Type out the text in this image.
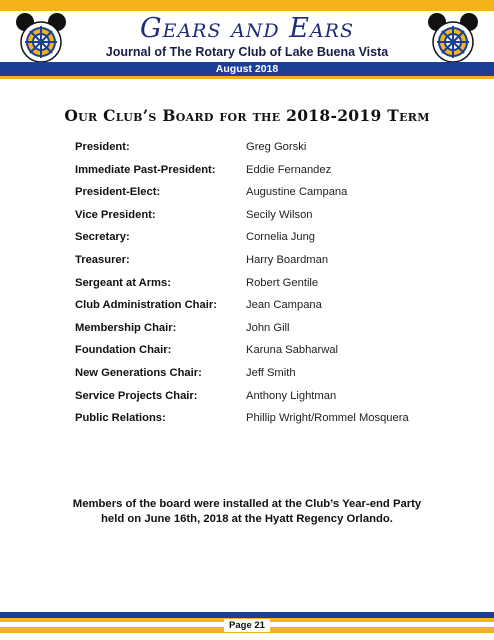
Gears and Ears
Journal of The Rotary Club of Lake Buena Vista
August 2018
Our Club’s Board for the 2018-2019 Term
President:	Greg Gorski
Immediate Past-President:	Eddie Fernandez
President-Elect:	Augustine Campana
Vice President:	Secily Wilson
Secretary:	Cornelia Jung
Treasurer:	Harry Boardman
Sergeant at Arms:	Robert Gentile
Club Administration Chair:	Jean Campana
Membership Chair:	John Gill
Foundation Chair:	Karuna Sabharwal
New Generations Chair:	Jeff Smith
Service Projects Chair:	Anthony Lightman
Public Relations:	Phillip Wright/Rommel Mosquera
Members of the board were installed at the Club’s Year-end Party
held on June 16th, 2018 at the Hyatt Regency Orlando.
Page 21
